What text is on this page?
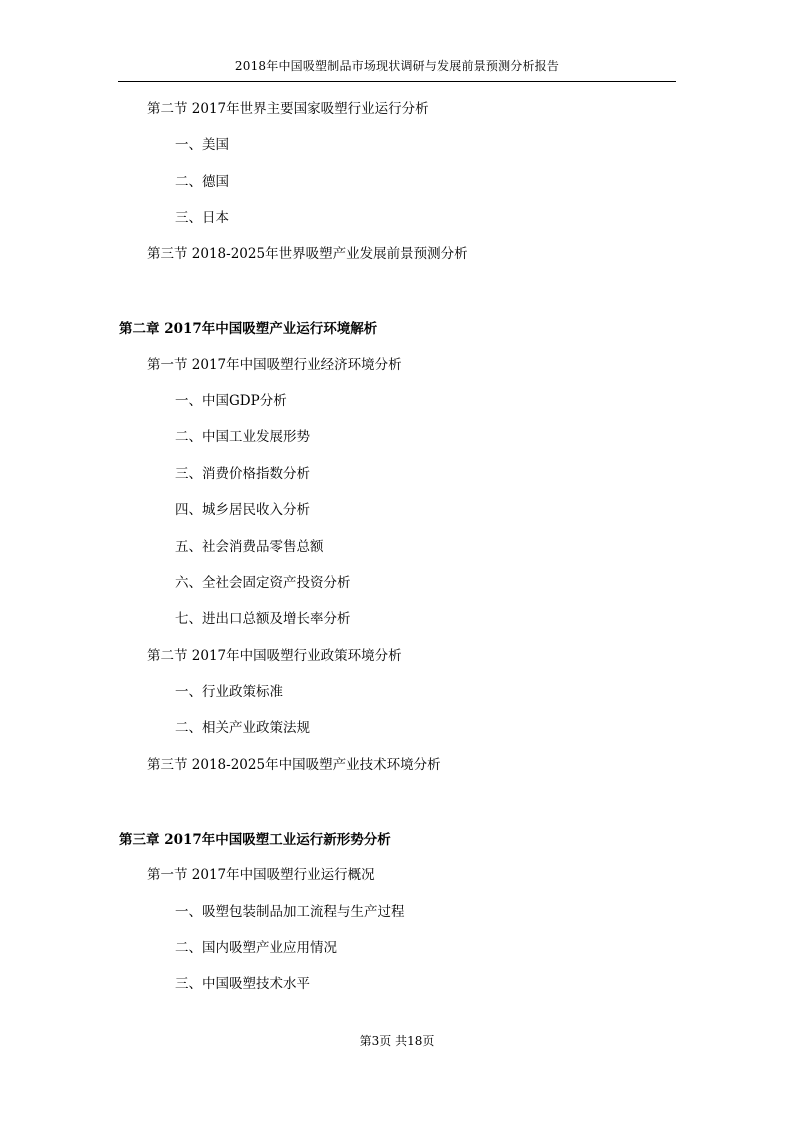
2018年中国吸塑制品市场现状调研与发展前景预测分析报告
第二节 2017年世界主要国家吸塑行业运行分析
一、美国
二、德国
三、日本
第三节 2018-2025年世界吸塑产业发展前景预测分析
第二章 2017年中国吸塑产业运行环境解析
第一节 2017年中国吸塑行业经济环境分析
一、中国GDP分析
二、中国工业发展形势
三、消费价格指数分析
四、城乡居民收入分析
五、社会消费品零售总额
六、全社会固定资产投资分析
七、进出口总额及增长率分析
第二节 2017年中国吸塑行业政策环境分析
一、行业政策标准
二、相关产业政策法规
第三节 2018-2025年中国吸塑产业技术环境分析
第三章 2017年中国吸塑工业运行新形势分析
第一节 2017年中国吸塑行业运行概况
一、吸塑包装制品加工流程与生产过程
二、国内吸塑产业应用情况
三、中国吸塑技术水平
第3页 共18页
